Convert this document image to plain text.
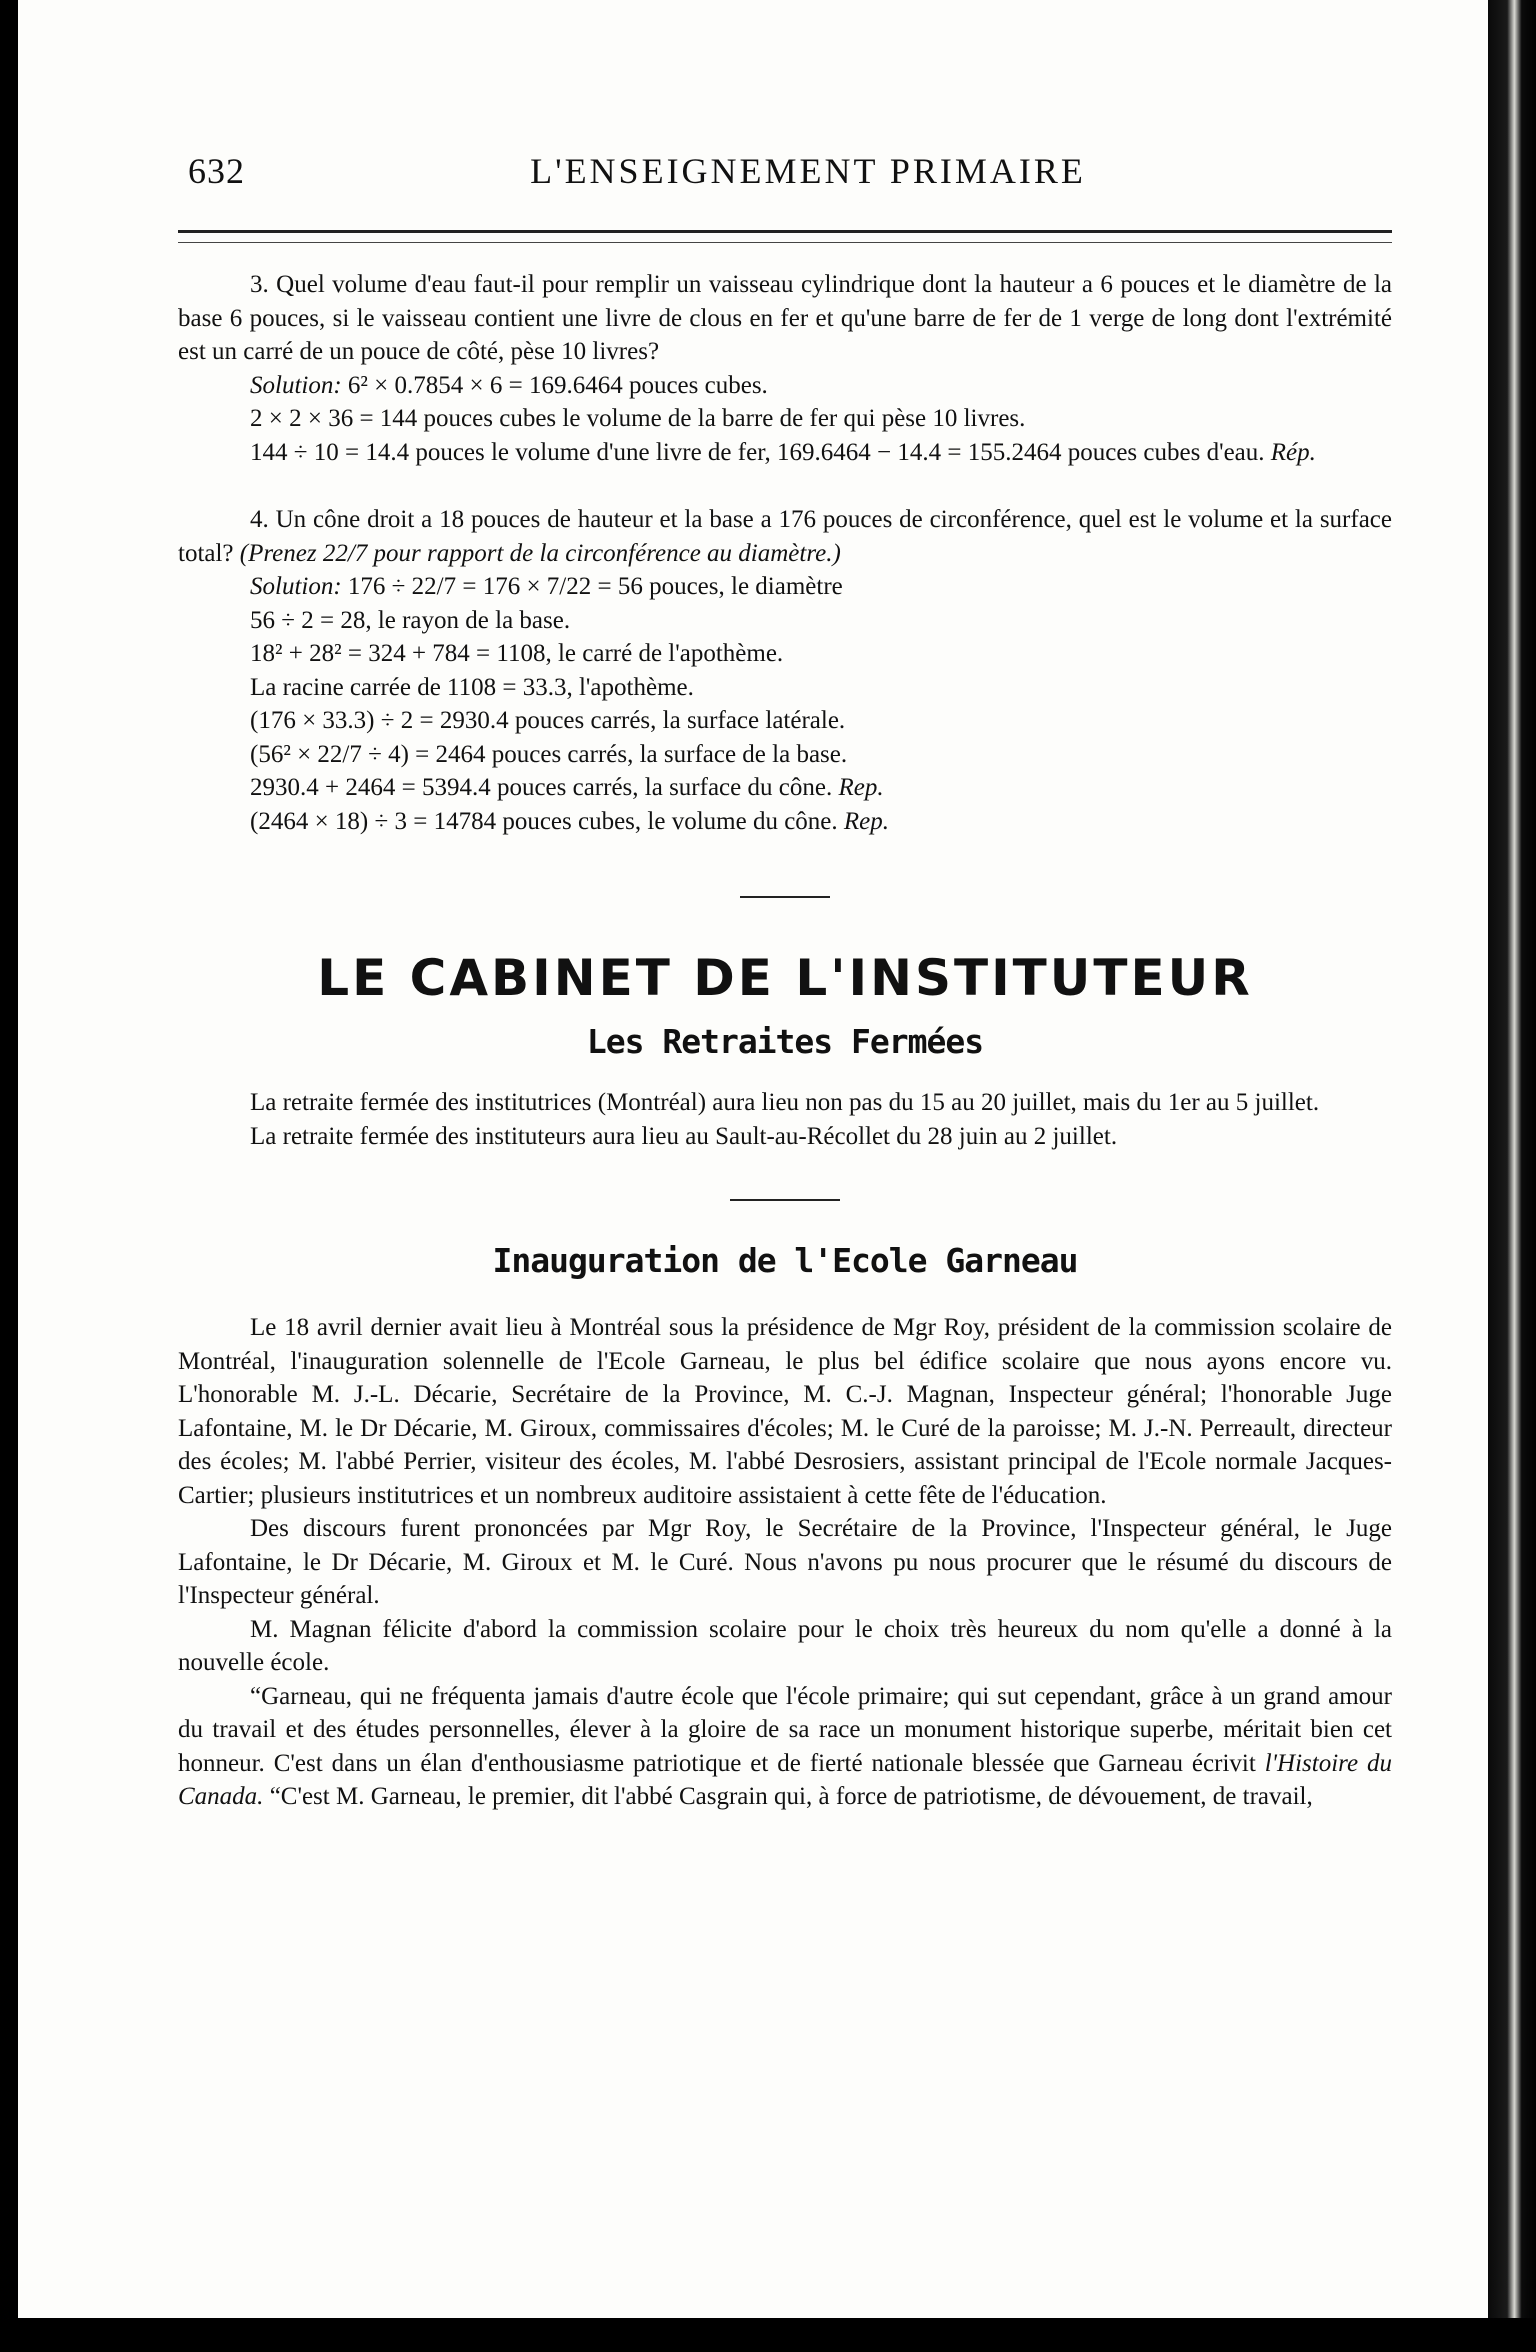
632	L'ENSEIGNEMENT PRIMAIRE

3. Quel volume d'eau faut-il pour remplir un vaisseau cylindrique dont la hauteur a 6 pouces et le diamètre de la base 6 pouces, si le vaisseau contient une livre de clous en fer et qu'une barre de fer de 1 verge de long dont l'extrémité est un carré de un pouce de côté, pèse 10 livres?

Solution: 6² × 0.7854 × 6 = 169.6464 pouces cubes.

2 × 2 × 36 = 144 pouces cubes le volume de la barre de fer qui pèse 10 livres.

144 ÷ 10 = 14.4 pouces le volume d'une livre de fer, 169.6464 − 14.4 = 155.2464 pouces cubes d'eau. Rép.

4. Un cône droit a 18 pouces de hauteur et la base a 176 pouces de circonférence, quel est le volume et la surface total? (Prenez 22/7 pour rapport de la circonférence au diamètre.)

Solution: 176 ÷ 22/7 = 176 × 7/22 = 56 pouces, le diamètre

56 ÷ 2 = 28, le rayon de la base.

18² + 28² = 324 + 784 = 1108, le carré de l'apothème.

La racine carrée de 1108 = 33.3, l'apothème.

(176 × 33.3) ÷ 2 = 2930.4 pouces carrés, la surface latérale.

(56² × 22/7 ÷ 4) = 2464 pouces carrés, la surface de la base.

2930.4 + 2464 = 5394.4 pouces carrés, la surface du cône. Rep.

(2464 × 18) ÷ 3 = 14784 pouces cubes, le volume du cône. Rep.

LE CABINET DE L'INSTITUTEUR
Les Retraites Fermées

La retraite fermée des institutrices (Montréal) aura lieu non pas du 15 au 20 juillet, mais du 1er au 5 juillet.

La retraite fermée des instituteurs aura lieu au Sault-au-Récollet du 28 juin au 2 juillet.

Inauguration de l'Ecole Garneau

Le 18 avril dernier avait lieu à Montréal sous la présidence de Mgr Roy, président de la commission scolaire de Montréal, l'inauguration solennelle de l'Ecole Garneau, le plus bel édifice scolaire que nous ayons encore vu. L'honorable M. J.-L. Décarie, Secrétaire de la Province, M. C.-J. Magnan, Inspecteur général; l'honorable Juge Lafontaine, M. le Dr Décarie, M. Giroux, commissaires d'écoles; M. le Curé de la paroisse; M. J.-N. Perreault, directeur des écoles; M. l'abbé Perrier, visiteur des écoles, M. l'abbé Desrosiers, assistant principal de l'Ecole normale Jacques-Cartier; plusieurs institutrices et un nombreux auditoire assistaient à cette fête de l'éducation.

Des discours furent prononcées par Mgr Roy, le Secrétaire de la Province, l'Inspecteur général, le Juge Lafontaine, le Dr Décarie, M. Giroux et M. le Curé. Nous n'avons pu nous procurer que le résumé du discours de l'Inspecteur général.

M. Magnan félicite d'abord la commission scolaire pour le choix très heureux du nom qu'elle a donné à la nouvelle école.

“Garneau, qui ne fréquenta jamais d'autre école que l'école primaire; qui sut cependant, grâce à un grand amour du travail et des études personnelles, élever à la gloire de sa race un monument historique superbe, méritait bien cet honneur. C'est dans un élan d'enthousiasme patriotique et de fierté nationale blessée que Garneau écrivit l'Histoire du Canada. “C'est M. Garneau, le premier, dit l'abbé Casgrain qui, à force de patriotisme, de dévouement, de travail,
